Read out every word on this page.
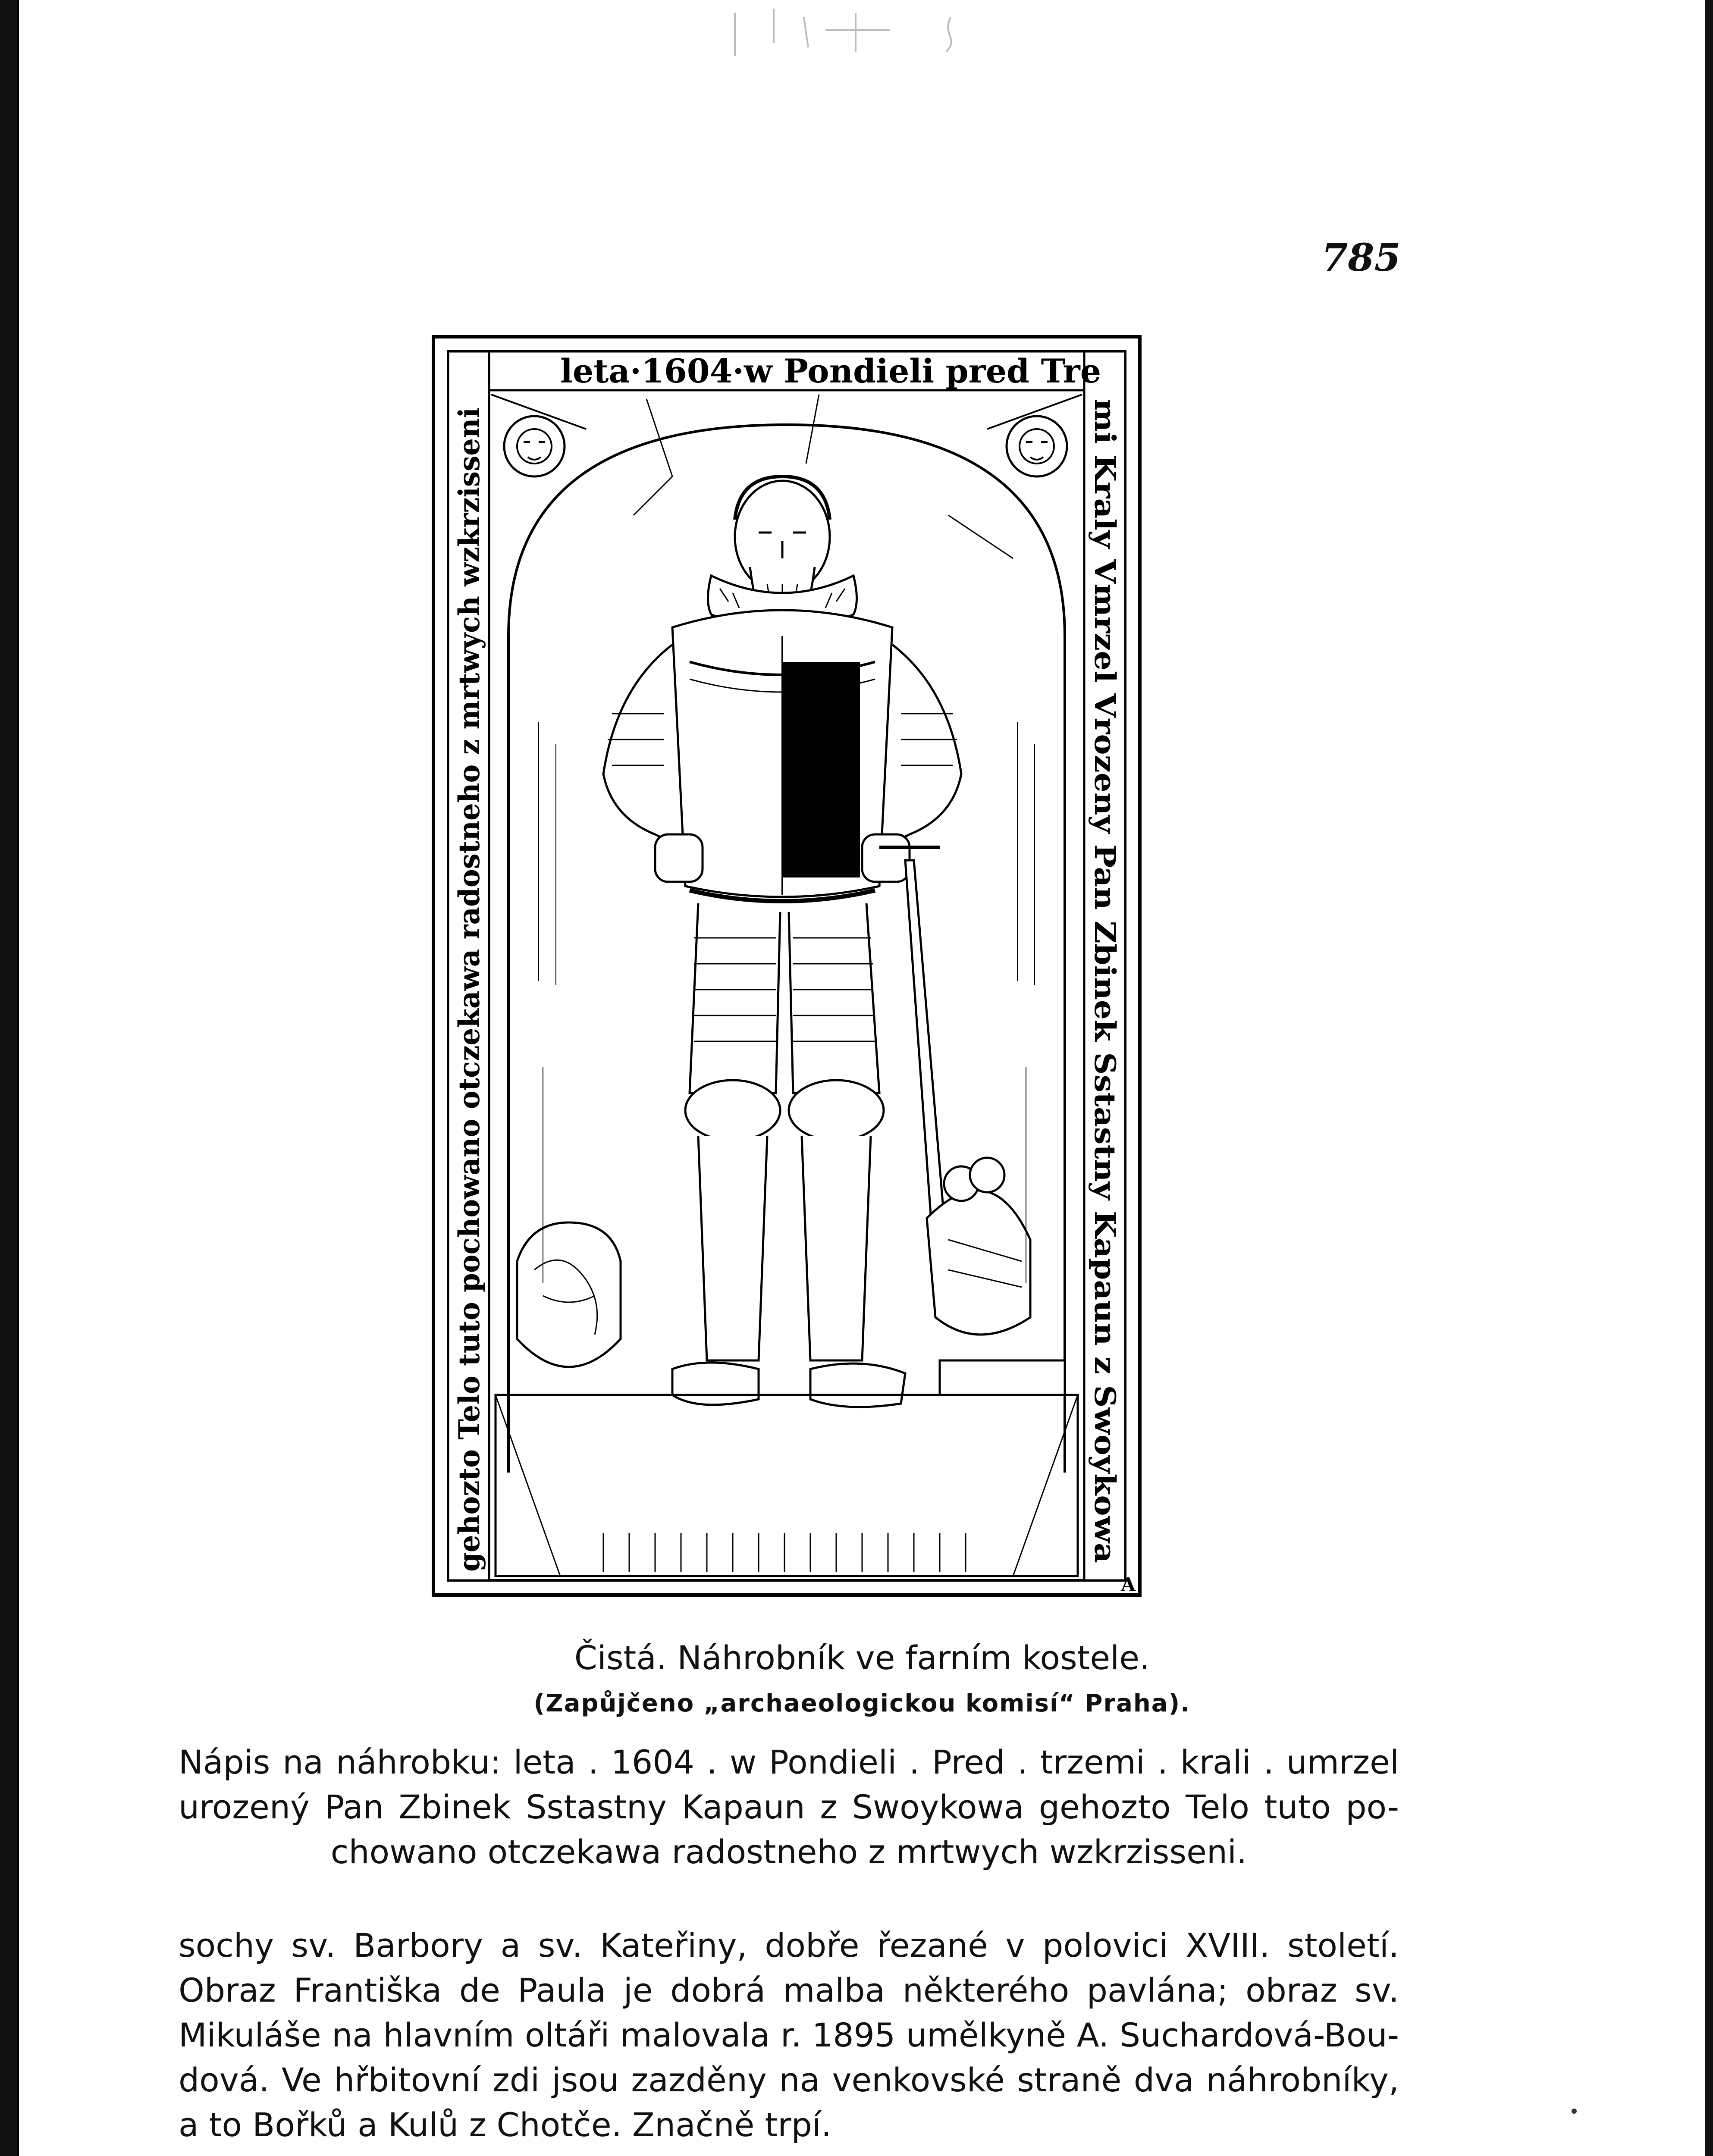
785
leta·1604·w Pondieli pred Tre
mi Kraly Vmrzel Vrozeny Pan Zbinek Sstastny Kapaun z Swoykowa
gehozto Telo tuto pochowano otczekawa radostneho z mrtwych wzkrzisseni
A
Čistá. Náhrobník ve farním kostele.
(Zapůjčeno „archaeologickou komisí“ Praha).
Nápis na náhrobku: leta . 1604 . w Pondieli . Pred . trzemi . krali . umrzel
urozený Pan Zbinek Sstastny Kapaun z Swoykowa gehozto Telo tuto po-
chowano otczekawa radostneho z mrtwych wzkrzisseni.
sochy sv. Barbory a sv. Kateřiny, dobře řezané v polovici XVIII. století.
Obraz Františka de Paula je dobrá malba některého pavlána; obraz sv.
Mikuláše na hlavním oltáři malovala r. 1895 umělkyně A. Suchardová-Bou-
dová. Ve hřbitovní zdi jsou zazděny na venkovské straně dva náhrobníky,
a to Bořků a Kulů z Chotče. Značně trpí.
